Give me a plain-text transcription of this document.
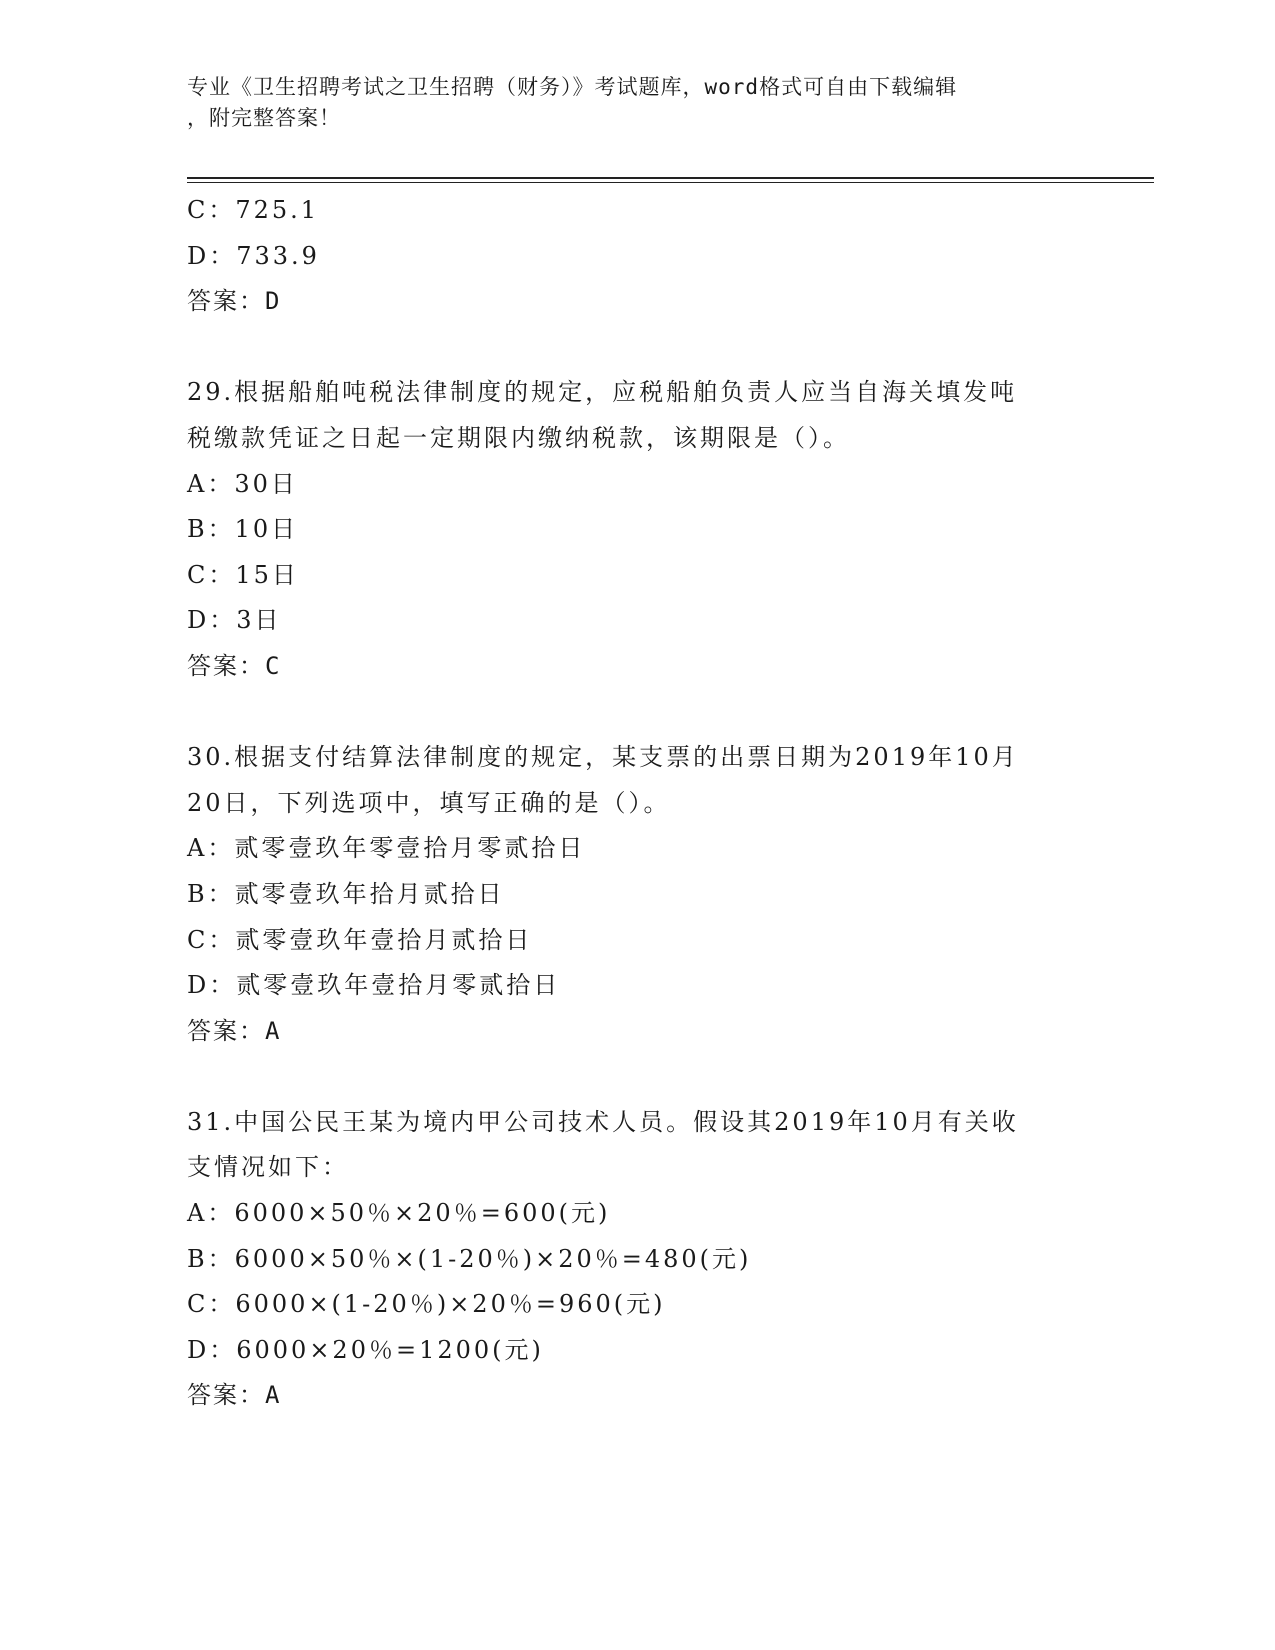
专业《卫生招聘考试之卫生招聘（财务）》考试题库，word格式可自由下载编辑
，附完整答案！
C：725.1
D：733.9
答案：D
29.根据船舶吨税法律制度的规定，应税船舶负责人应当自海关填发吨
税缴款凭证之日起一定期限内缴纳税款，该期限是（）。
A：30日
B：10日
C：15日
D：3日
答案：C
30.根据支付结算法律制度的规定，某支票的出票日期为2019年10月
20日，下列选项中，填写正确的是（）。
A：贰零壹玖年零壹拾月零贰拾日
B：贰零壹玖年拾月贰拾日
C：贰零壹玖年壹拾月贰拾日
D：贰零壹玖年壹拾月零贰拾日
答案：A
31.中国公民王某为境内甲公司技术人员。假设其2019年10月有关收
支情况如下：
A：6000×50％×20％=600(元)
B：6000×50％×(1-20％)×20％=480(元)
C：6000×(1-20％)×20％=960(元)
D：6000×20％=1200(元)
答案：A
